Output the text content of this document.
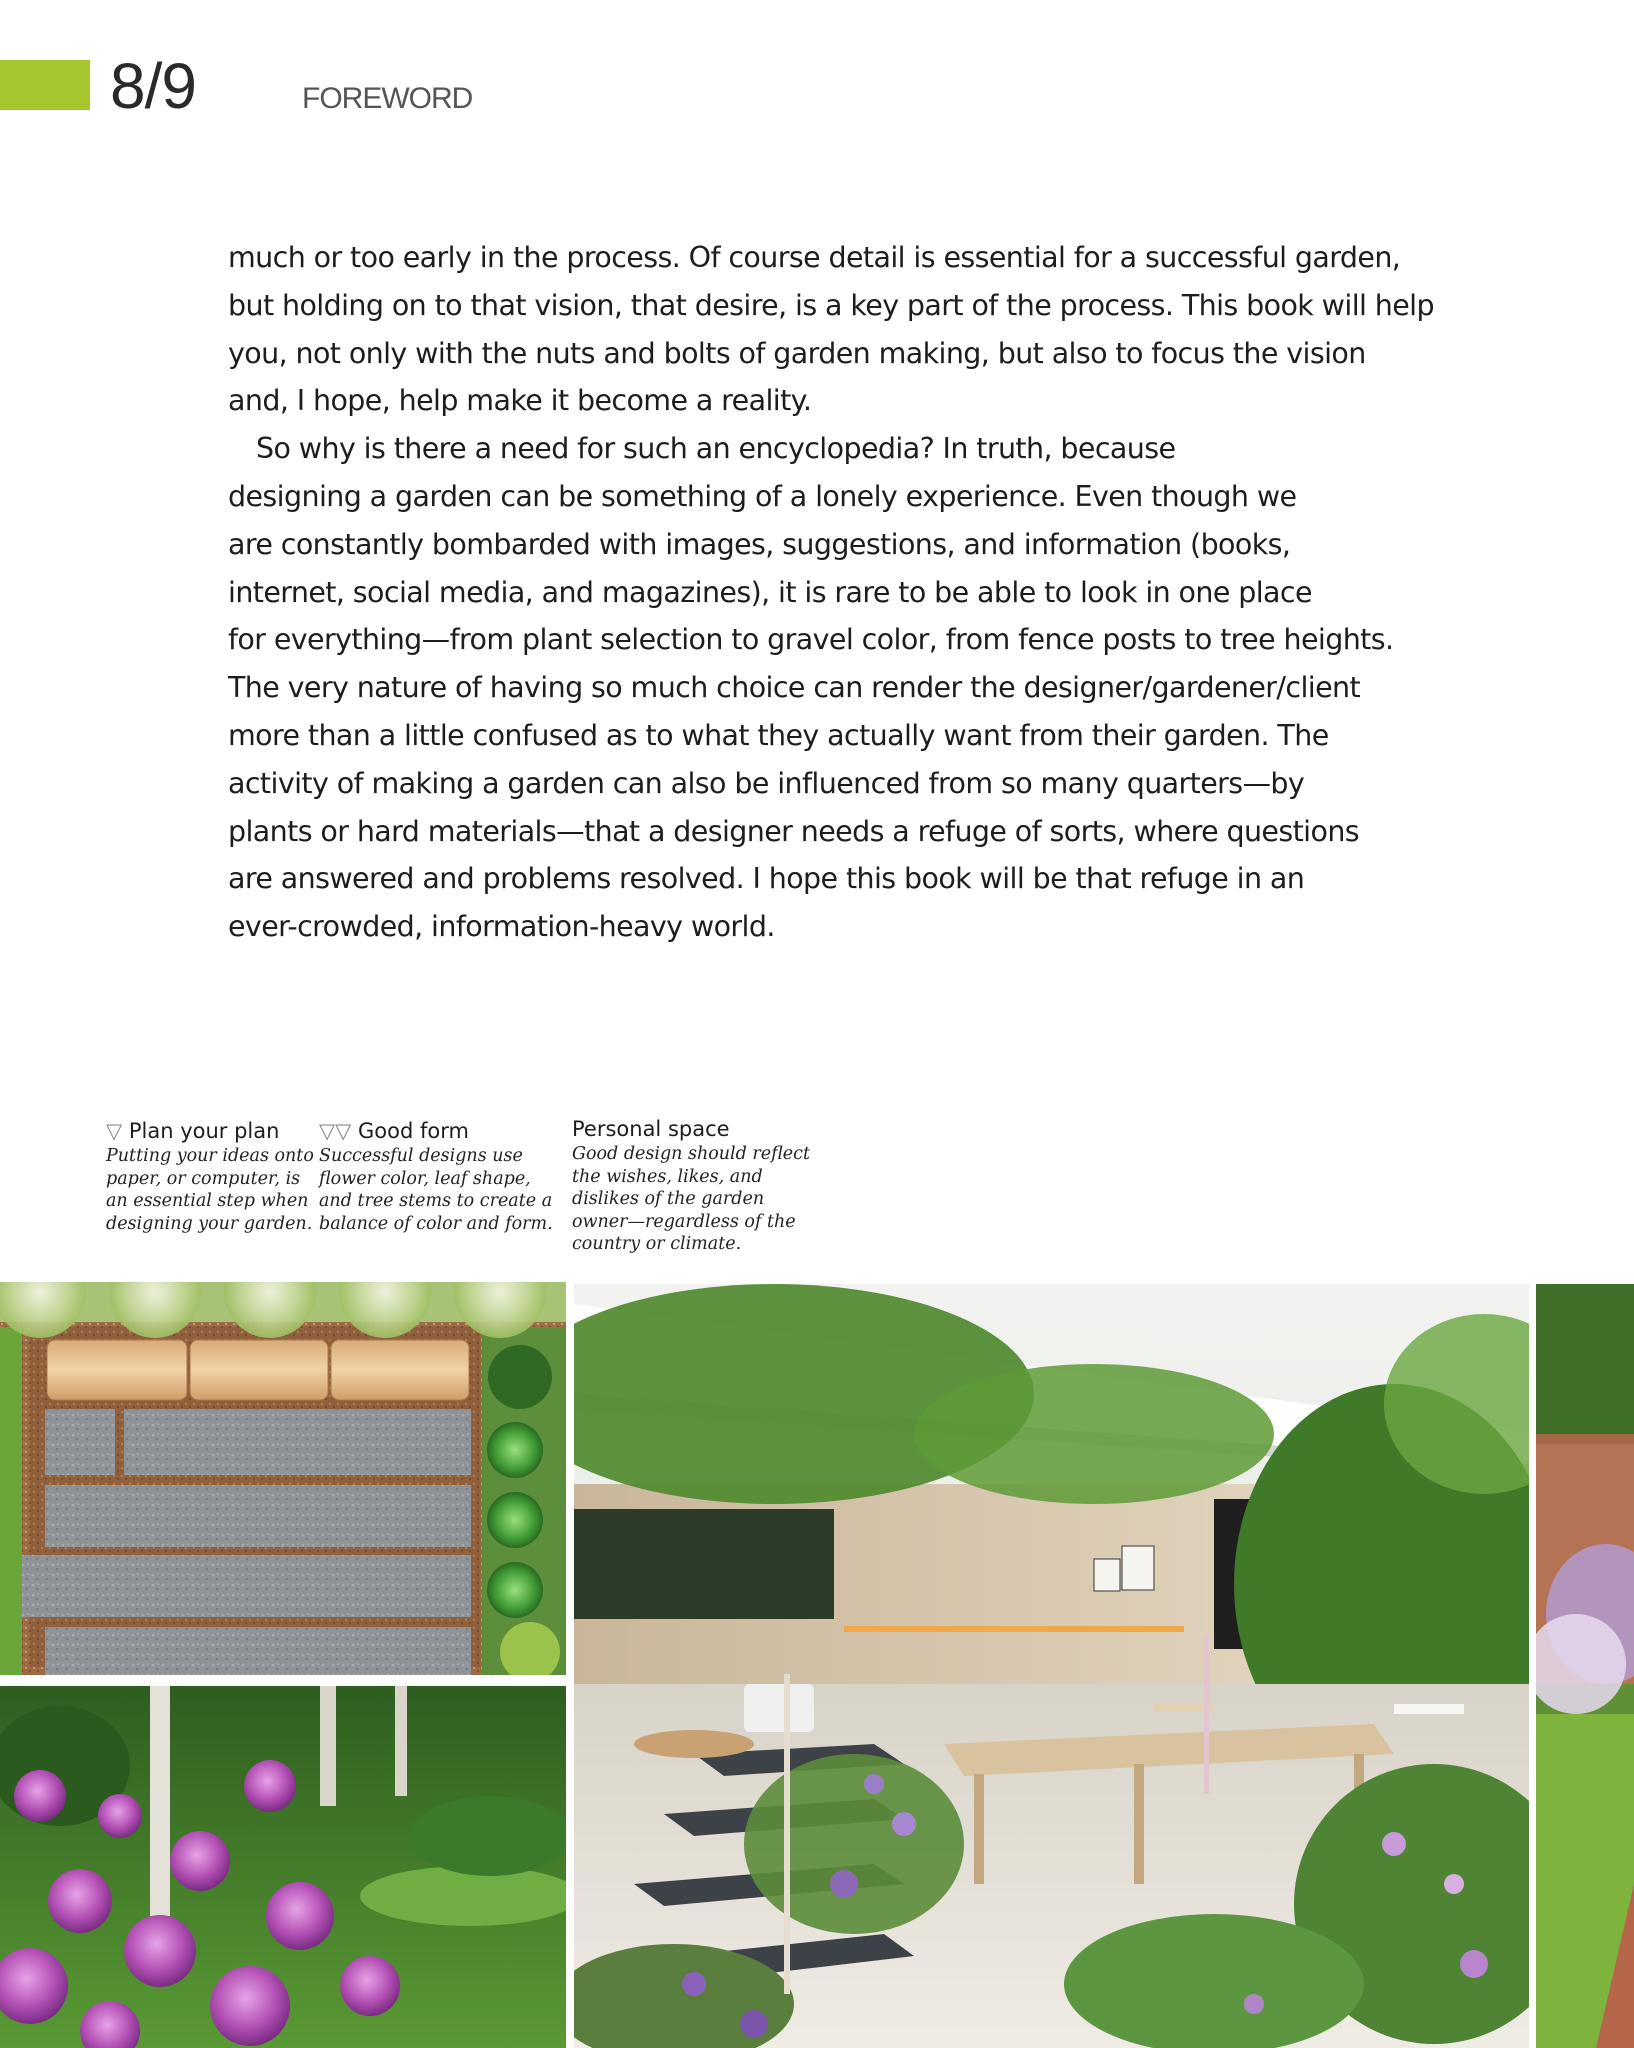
8/9	FOREWORD
much or too early in the process. Of course detail is essential for a successful garden,
but holding on to that vision, that desire, is a key part of the process. This book will help
you, not only with the nuts and bolts of garden making, but also to focus the vision
and, I hope, help make it become a reality.
So why is there a need for such an encyclopedia? In truth, because
designing a garden can be something of a lonely experience. Even though we
are constantly bombarded with images, suggestions, and information (books,
internet, social media, and magazines), it is rare to be able to look in one place
for everything—from plant selection to gravel color, from fence posts to tree heights.
The very nature of having so much choice can render the designer/gardener/client
more than a little confused as to what they actually want from their garden. The
activity of making a garden can also be influenced from so many quarters—by
plants or hard materials—that a designer needs a refuge of sorts, where questions
are answered and problems resolved. I hope this book will be that refuge in an
ever-crowded, information-heavy world.
▽ Plan your plan
Putting your ideas onto
paper, or computer, is
an essential step when
designing your garden.
▽▽ Good form
Successful designs use
flower color, leaf shape,
and tree stems to create a
balance of color and form.
Personal space
Good design should reflect
the wishes, likes, and
dislikes of the garden
owner—regardless of the
country or climate.
